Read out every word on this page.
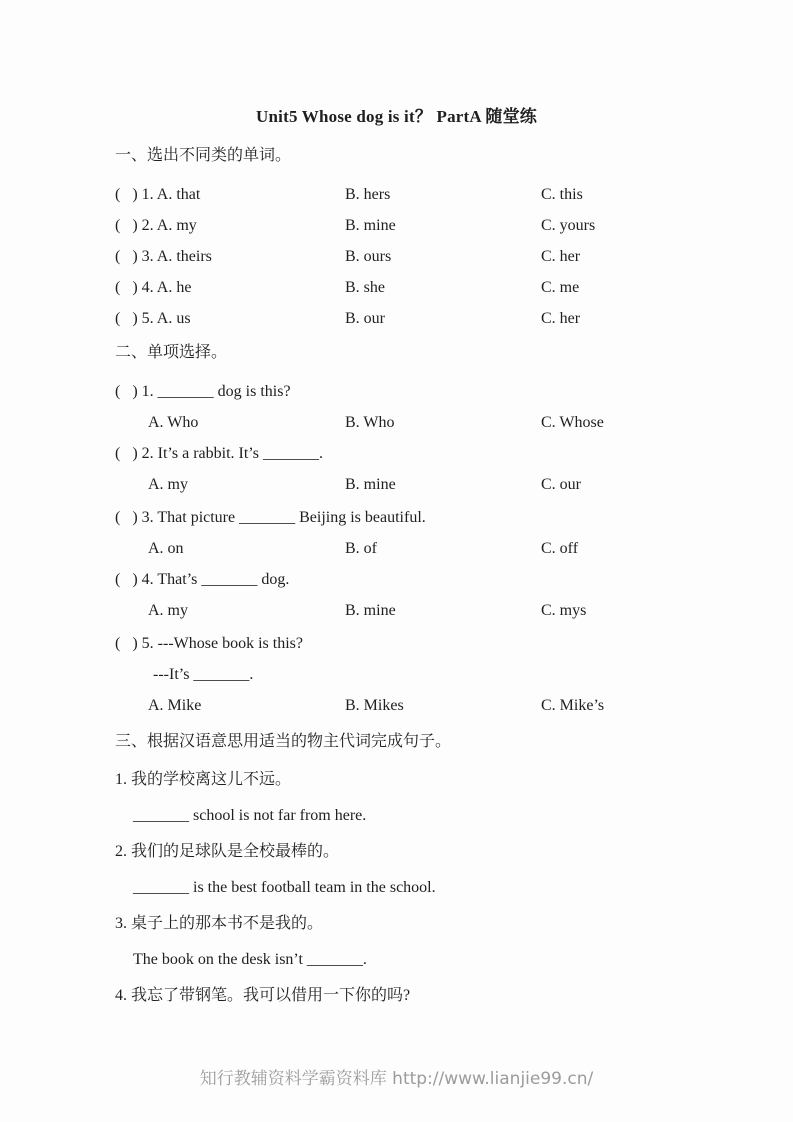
Unit5 Whose dog is it？ PartA 随堂练
一、选出不同类的单词。
(   ) 1. A. that	B. hers	C. this
(   ) 2. A. my	B. mine	C. yours
(   ) 3. A. theirs	B. ours	C. her
(   ) 4. A. he	B. she	C. me
(   ) 5. A. us	B. our	C. her
二、单项选择。
(   ) 1. _______ dog is this?
A. Who	B. Who	C. Whose
(   ) 2. It’s a rabbit. It’s _______.
A. my	B. mine	C. our
(   ) 3. That picture _______ Beijing is beautiful.
A. on	B. of	C. off
(   ) 4. That’s _______ dog.
A. my	B. mine	C. mys
(   ) 5. ---Whose book is this?
---It’s _______.
A. Mike	B. Mikes	C. Mike’s
三、根据汉语意思用适当的物主代词完成句子。
1. 我的学校离这儿不远。
_______ school is not far from here.
2. 我们的足球队是全校最棒的。
_______ is the best football team in the school.
3. 桌子上的那本书不是我的。
The book on the desk isn’t _______.
4. 我忘了带钢笔。我可以借用一下你的吗?
知行教辅资料学霸资料库 http://www.lianjie99.cn/
